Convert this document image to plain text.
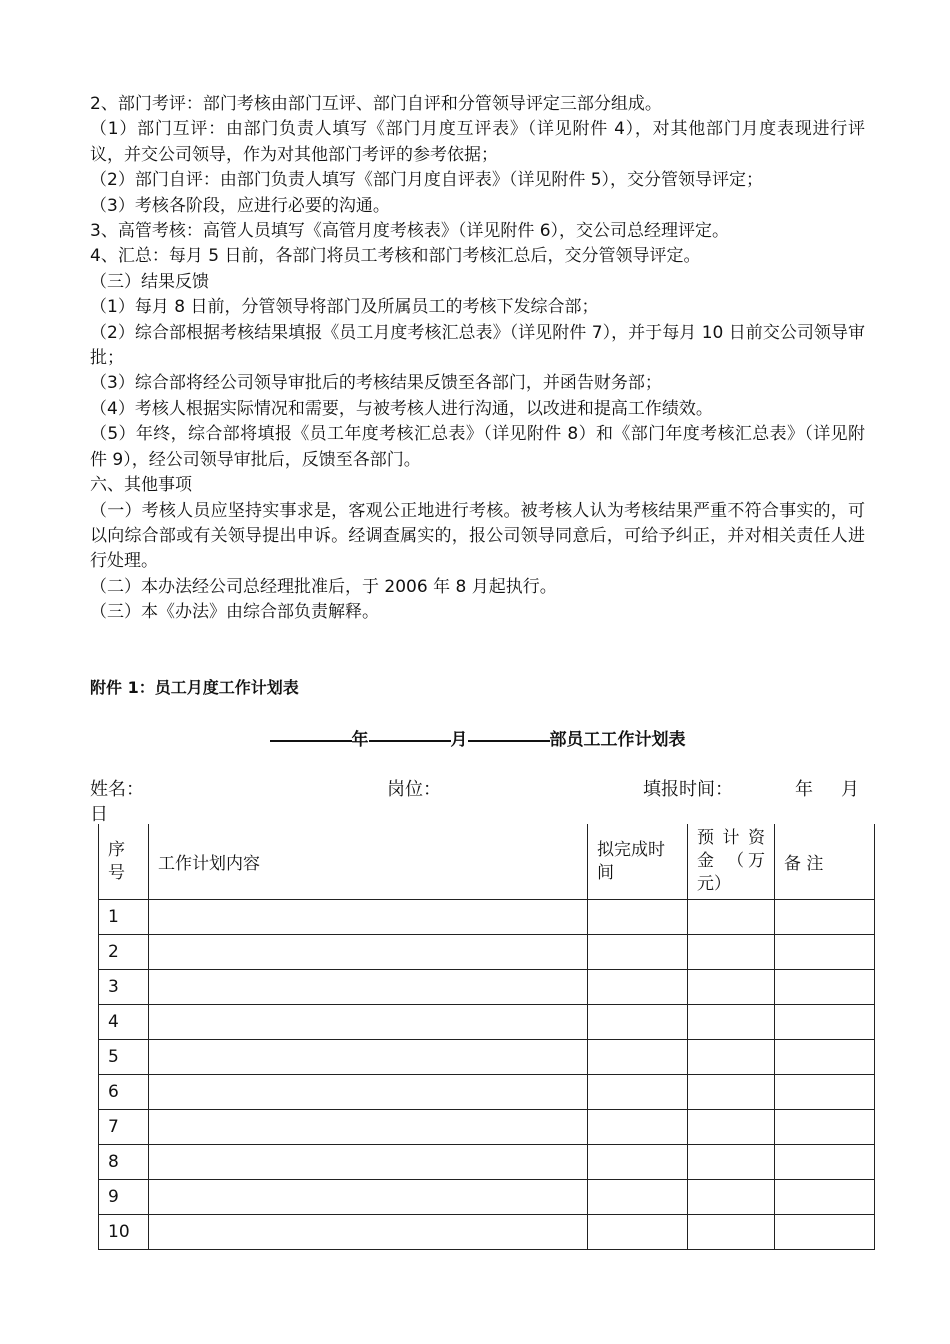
2、部门考评：部门考核由部门互评、部门自评和分管领导评定三部分组成。
（1）部门互评：由部门负责人填写《部门月度互评表》（详见附件 4），对其他部门月度表现进行评议，并交公司领导，作为对其他部门考评的参考依据；
（2）部门自评：由部门负责人填写《部门月度自评表》（详见附件 5），交分管领导评定；
（3）考核各阶段，应进行必要的沟通。
3、高管考核：高管人员填写《高管月度考核表》（详见附件 6），交公司总经理评定。
4、汇总：每月 5 日前，各部门将员工考核和部门考核汇总后，交分管领导评定。
（三）结果反馈
（1）每月 8 日前，分管领导将部门及所属员工的考核下发综合部；
（2）综合部根据考核结果填报《员工月度考核汇总表》（详见附件 7），并于每月 10 日前交公司领导审批；
（3）综合部将经公司领导审批后的考核结果反馈至各部门，并函告财务部；
（4）考核人根据实际情况和需要，与被考核人进行沟通，以改进和提高工作绩效。
（5）年终，综合部将填报《员工年度考核汇总表》（详见附件 8）和《部门年度考核汇总表》（详见附件 9），经公司领导审批后，反馈至各部门。
六、其他事项
（一）考核人员应坚持实事求是，客观公正地进行考核。被考核人认为考核结果严重不符合事实的，可以向综合部或有关领导提出申诉。经调查属实的，报公司领导同意后，可给予纠正，并对相关责任人进行处理。
（二）本办法经公司总经理批准后，于 2006 年 8 月起执行。
（三）本《办法》由综合部负责解释。
附件 1：员工月度工作计划表
年	月	部员工工作计划表
姓名：	岗位：	填报时间：	年 月
日
序号	工作计划内容	拟完成时间	预 计 资 金 （万元）	备 注
1				
2				
3				
4				
5				
6				
7				
8				
9				
10				
